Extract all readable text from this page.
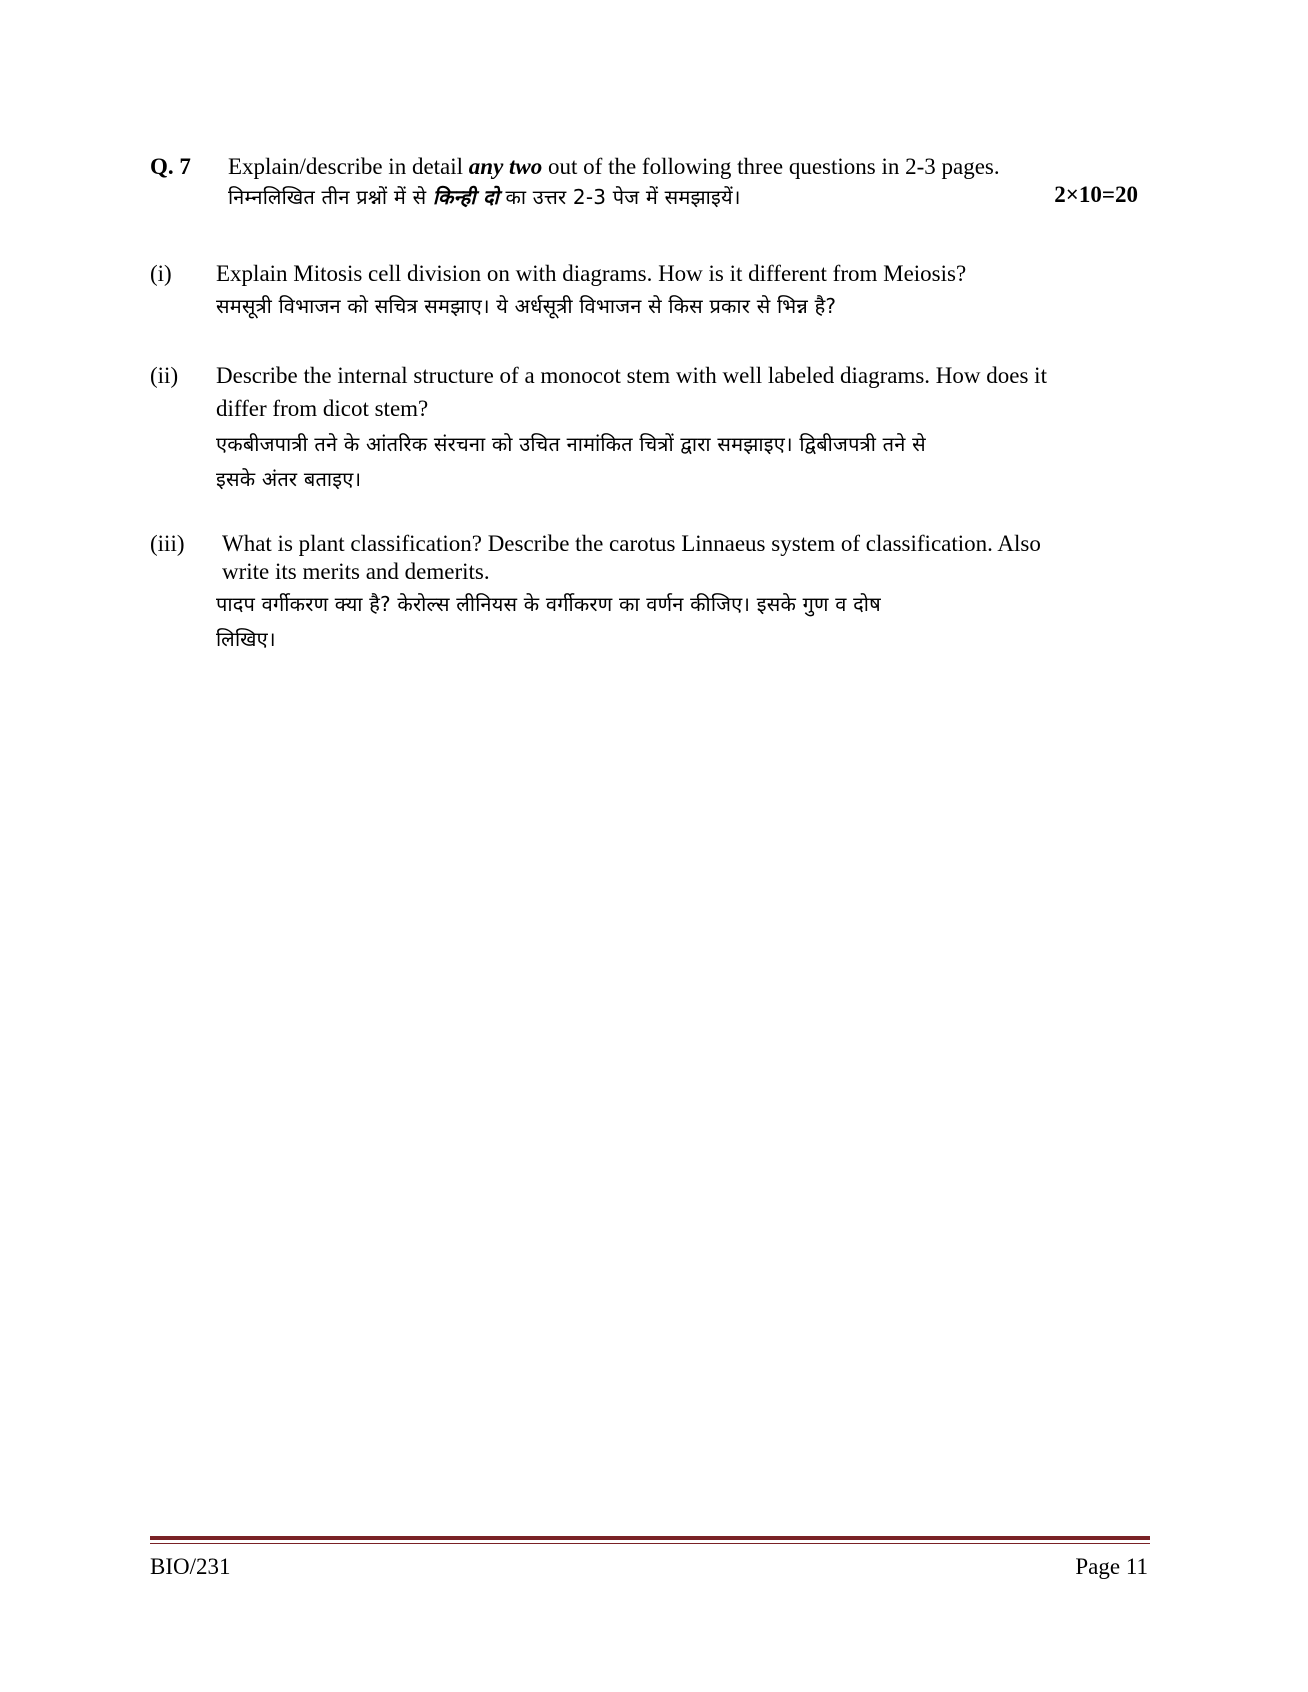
Q. 7 Explain/describe in detail any two out of the following three questions in 2-3 pages.
निम्नलिखित तीन प्रश्नों में से किन्ही दो का उत्तर 2-3 पेज में समझाइयें।	2×10=20
(i) Explain Mitosis cell division on with diagrams. How is it different from Meiosis?
समसूत्री विभाजन को सचित्र समझाए। ये अर्धसूत्री विभाजन से किस प्रकार से भिन्न है?
(ii) Describe the internal structure of a monocot stem with well labeled diagrams. How does it
differ from dicot stem?
एकबीजपात्री तने के आंतरिक संरचना को उचित नामांकित चित्रों द्वारा समझाइए। द्विबीजपत्री तने से
इसके अंतर बताइए।
(iii) What is plant classification? Describe the carotus Linnaeus system of classification. Also
write its merits and demerits.
पादप वर्गीकरण क्या है? केरोल्स लीनियस के वर्गीकरण का वर्णन कीजिए। इसके गुण व दोष
लिखिए।
BIO/231	Page 11
